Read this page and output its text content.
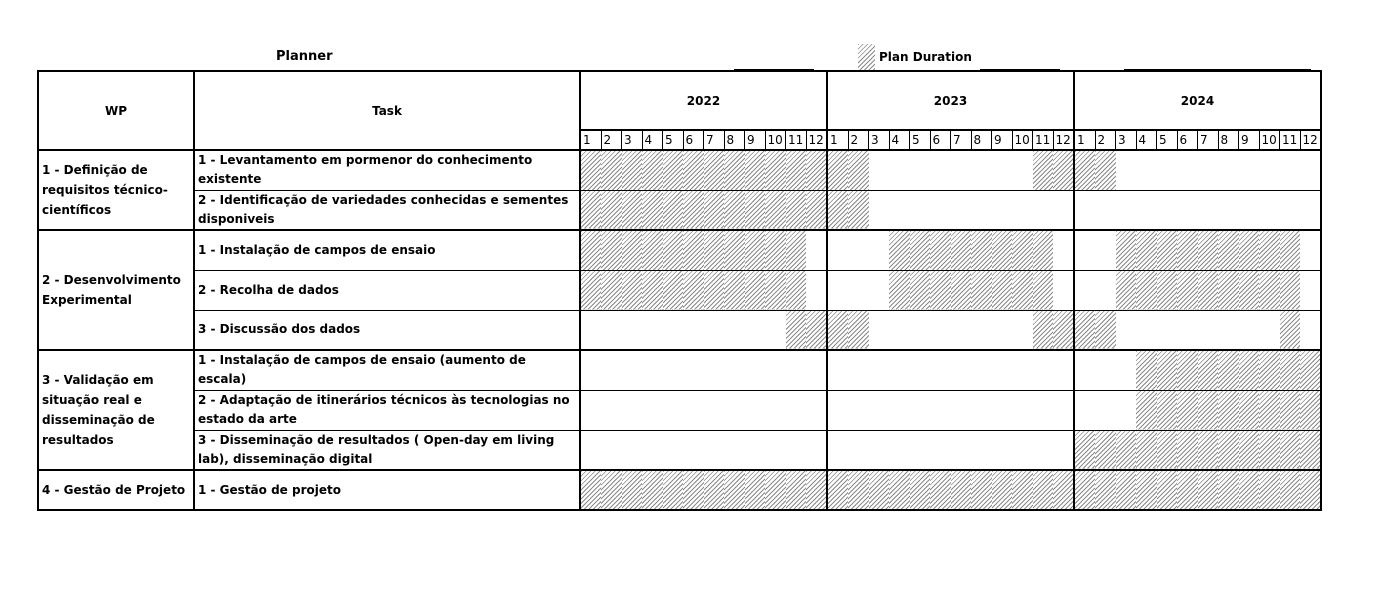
Planner	Plan Duration
WP	Task	2022												2023												2024											
		1	2	3	4	5	6	7	8	9	10	11	12	1	2	3	4	5	6	7	8	9	10	11	12	1	2	3	4	5	6	7	8	9	10	11	12
1 - Definição de requisitos técnico-científicos	1 - Levantamento em pormenor do conhecimento existente																																				
	2 - Identificação de variedades conhecidas e sementes disponiveis																																				
2 - Desenvolvimento Experimental	1 - Instalação de campos de ensaio																																				
	2 - Recolha de dados																																				
	3 - Discussão dos dados																																				
3 - Validação em situação real e disseminação de resultados	1 - Instalação de campos de ensaio (aumento de escala)																																				
	2 - Adaptação de itinerários técnicos às tecnologias no estado da arte																																				
	3 - Disseminação de resultados ( Open-day em living lab), disseminação digital																																				
4 - Gestão de Projeto	1 - Gestão de projeto																																				
